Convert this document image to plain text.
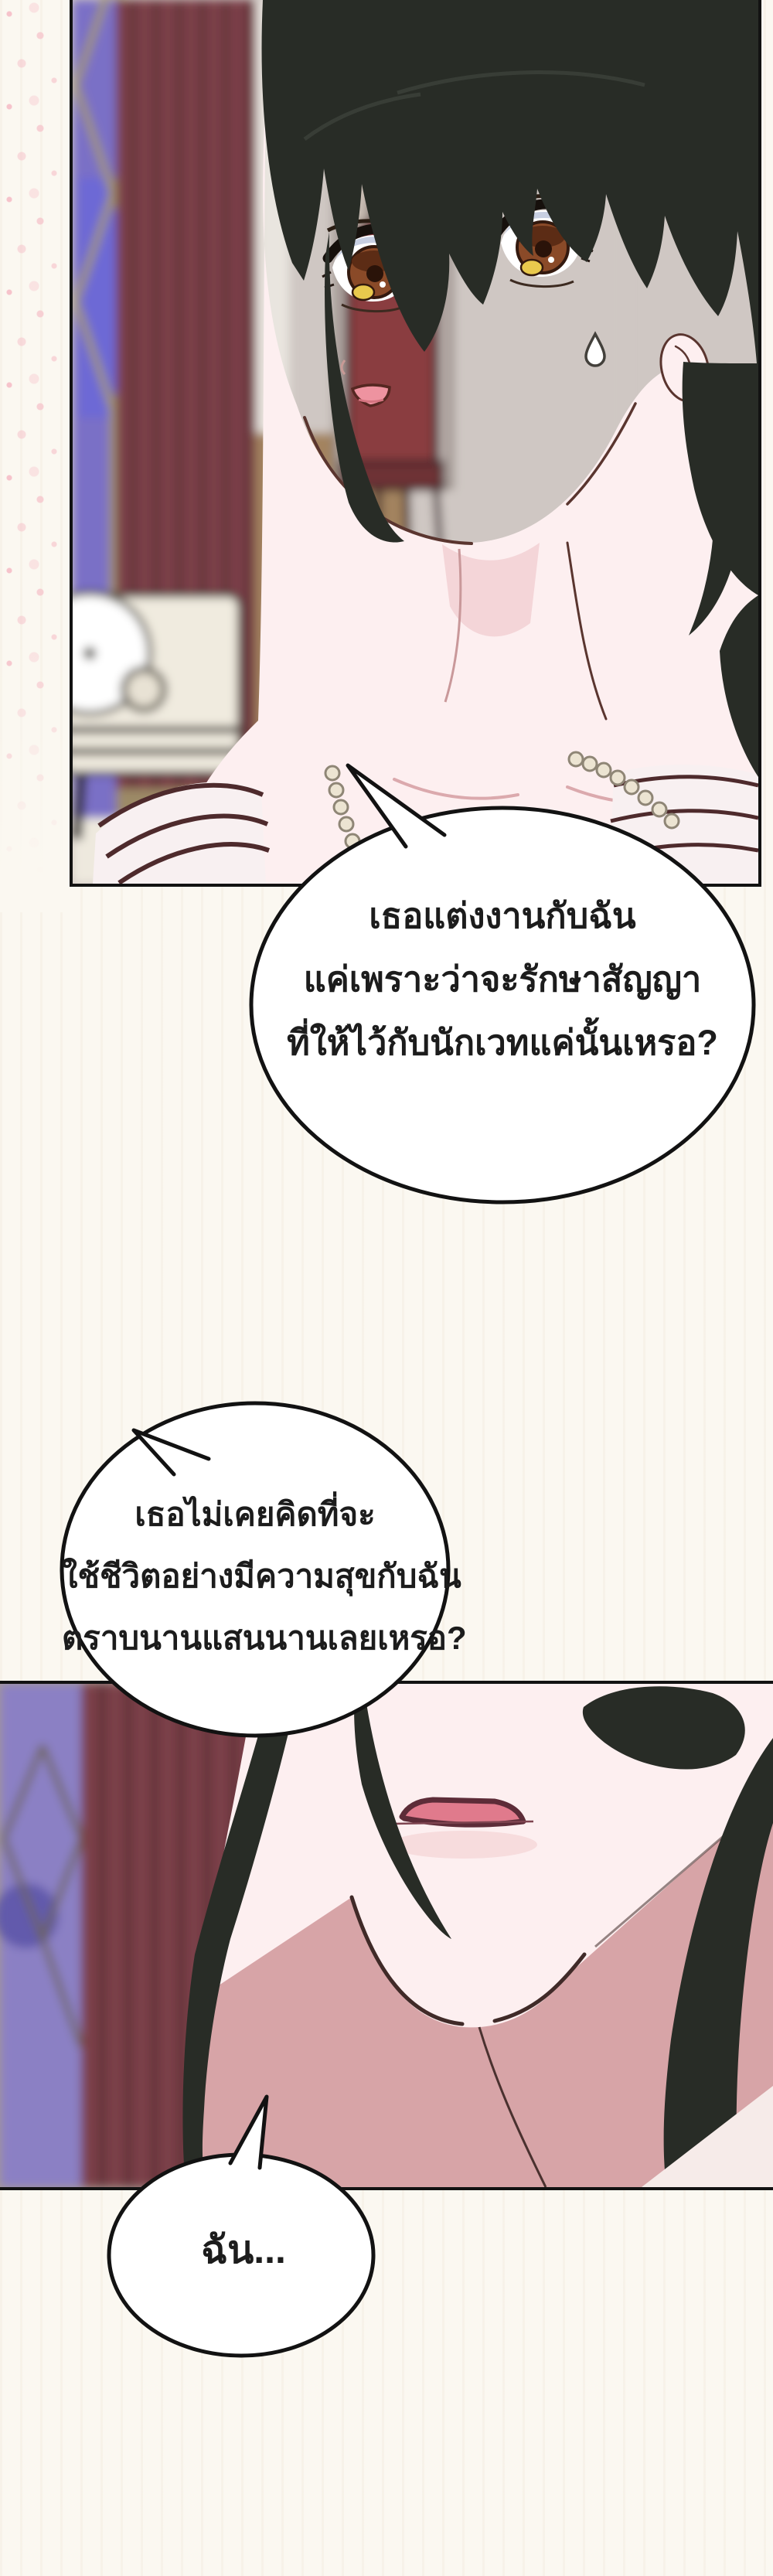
เธอแต่งงานกับฉัน
แค่เพราะว่าจะรักษาสัญญา
ที่ให้ไว้กับนักเวทแค่นั้นเหรอ?
เธอไม่เคยคิดที่จะ
ใช้ชีวิตอย่างมีความสุขกับฉัน
ตราบนานแสนนานเลยเหรอ?
ฉัน...
